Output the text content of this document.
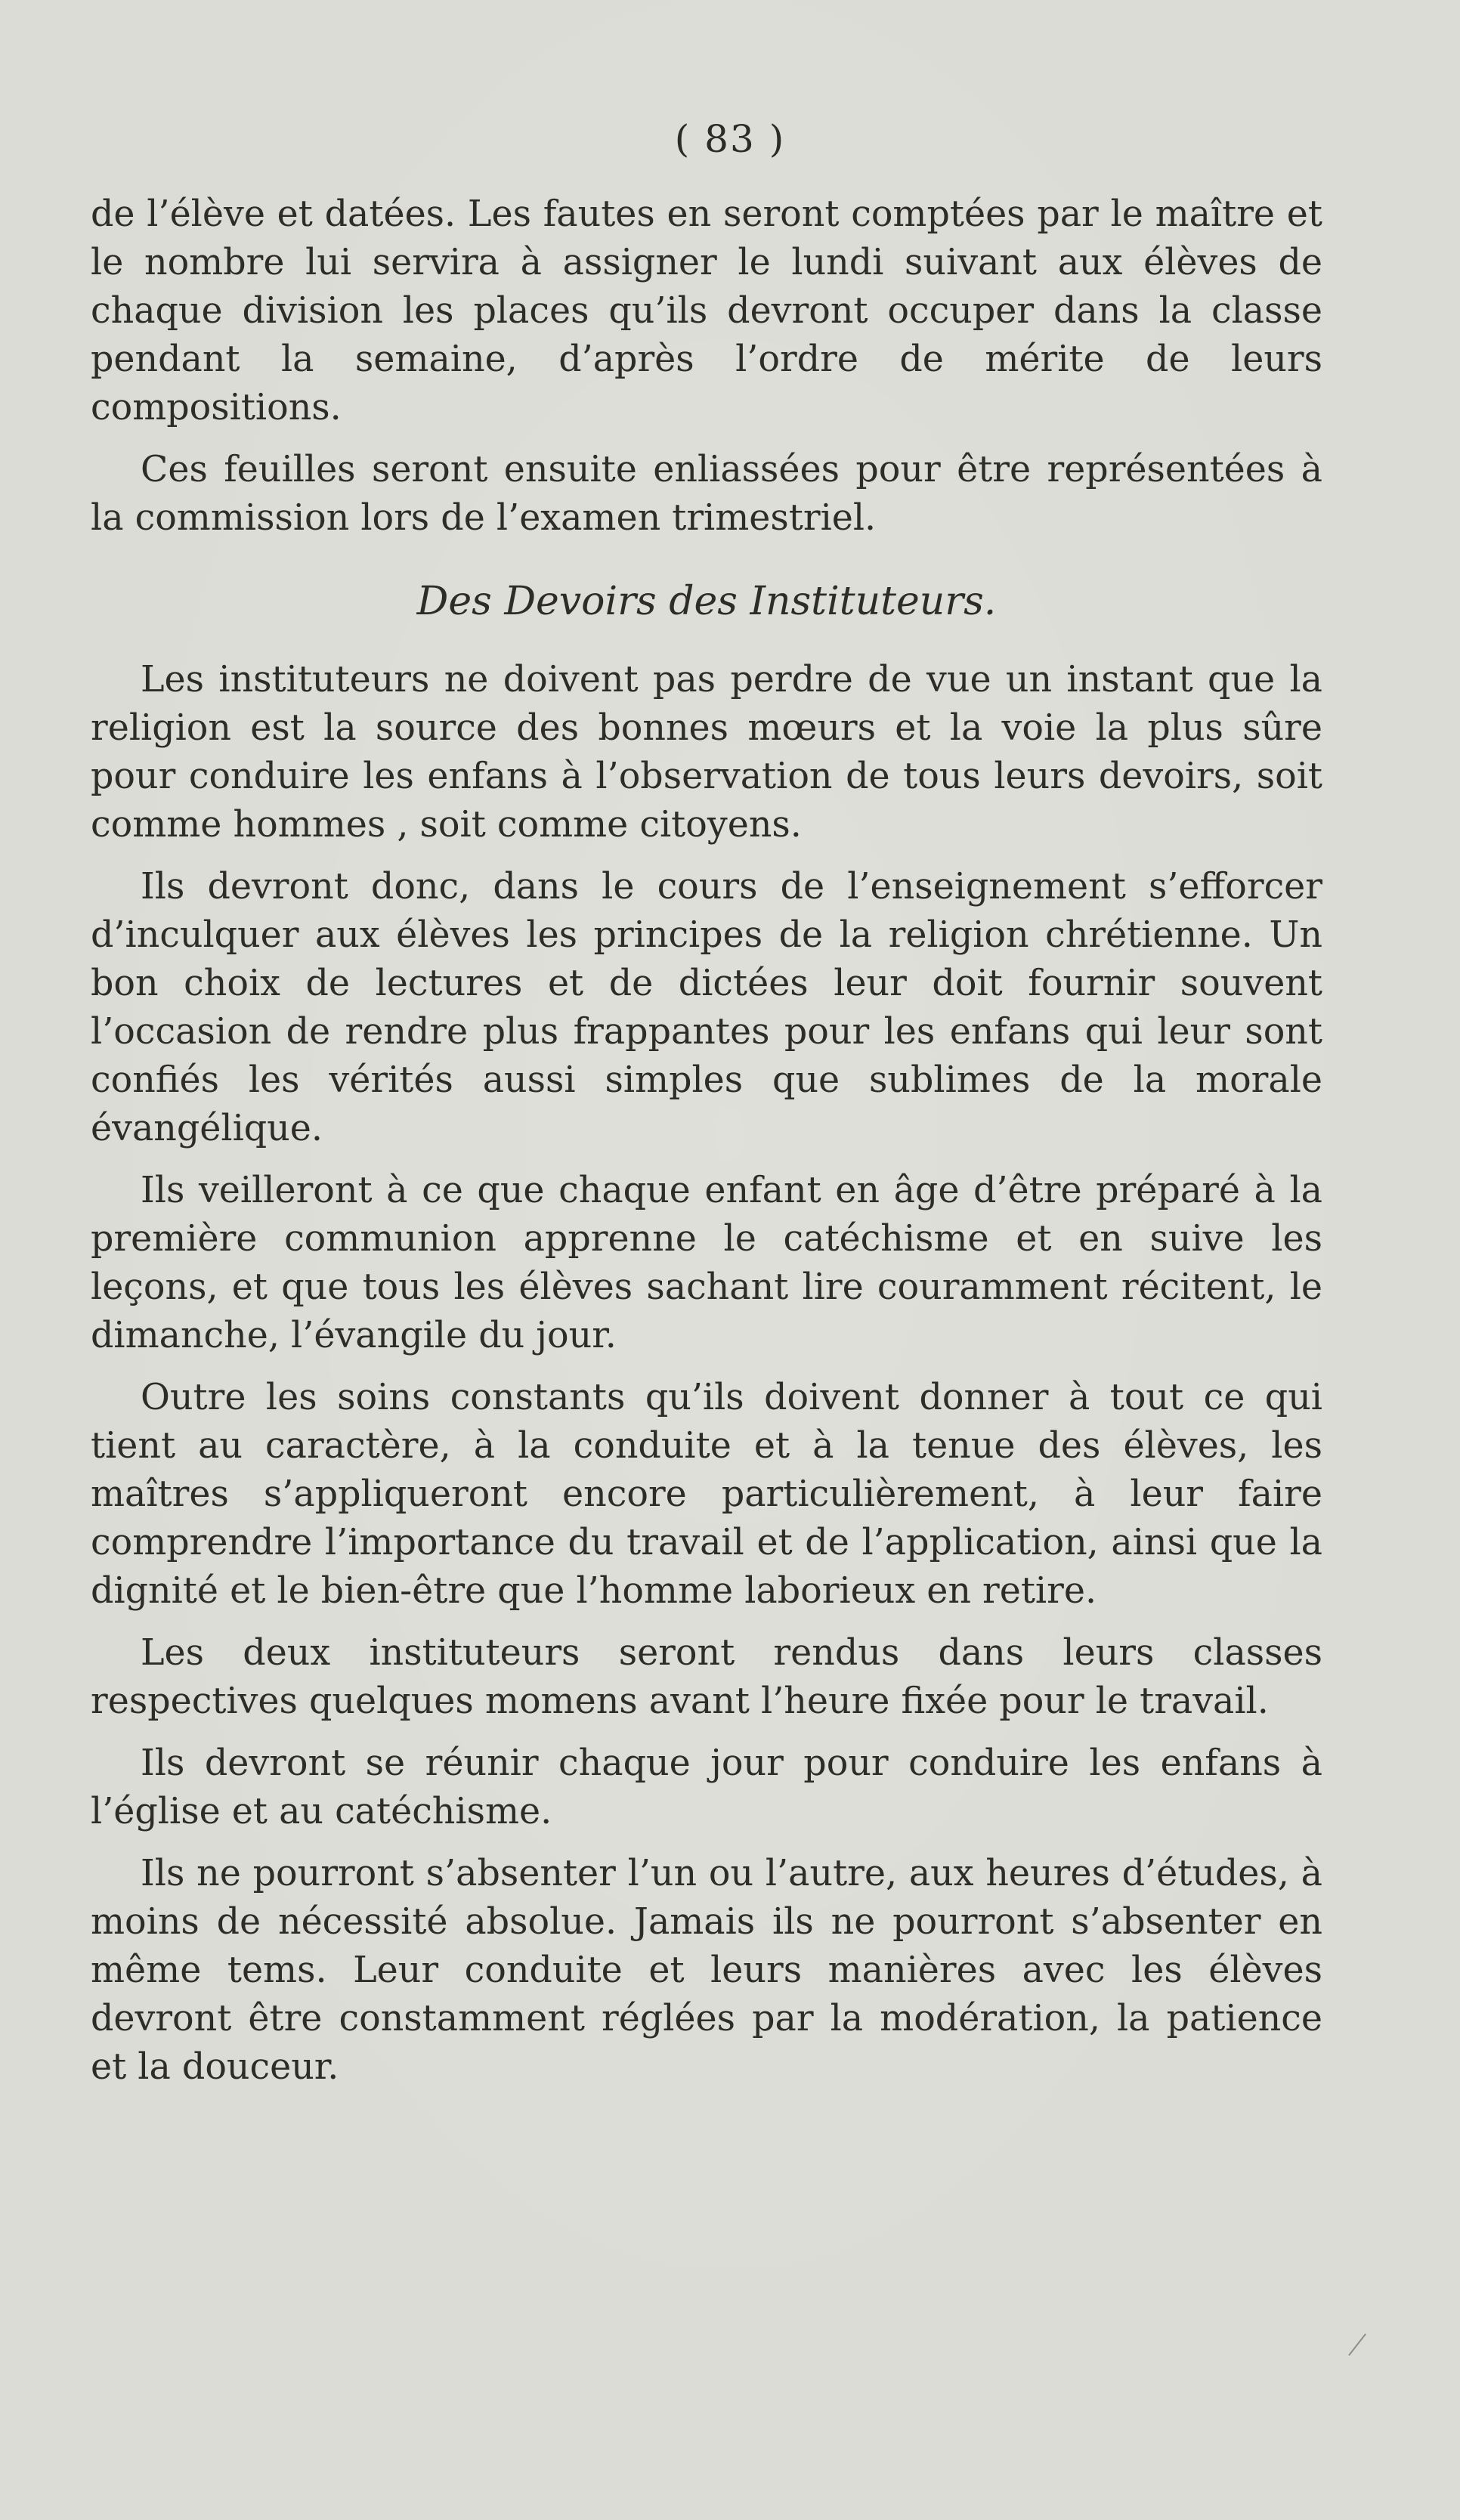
( 83 )

de l’élève et datées. Les fautes en seront comptées par le maître et le nombre lui servira à assigner le lundi suivant aux élèves de chaque division les places qu’ils devront occuper dans la classe pendant la semaine, d’après l’ordre de mérite de leurs compositions.

Ces feuilles seront ensuite enliassées pour être représentées à la commission lors de l’examen trimestriel.

Des Devoirs des Instituteurs.

Les instituteurs ne doivent pas perdre de vue un instant que la religion est la source des bonnes mœurs et la voie la plus sûre pour conduire les enfans à l’observation de tous leurs devoirs, soit comme hommes , soit comme citoyens.

Ils devront donc, dans le cours de l’enseignement s’efforcer d’inculquer aux élèves les principes de la religion chrétienne. Un bon choix de lectures et de dictées leur doit fournir souvent l’occasion de rendre plus frappantes pour les enfans qui leur sont confiés les vérités aussi simples que sublimes de la morale évangélique.

Ils veilleront à ce que chaque enfant en âge d’être préparé à la première communion apprenne le catéchisme et en suive les leçons, et que tous les élèves sachant lire couramment récitent, le dimanche, l’évangile du jour.

Outre les soins constants qu’ils doivent donner à tout ce qui tient au caractère, à la conduite et à la tenue des élèves, les maîtres s’appliqueront encore particulièrement, à leur faire comprendre l’importance du travail et de l’application, ainsi que la dignité et le bien-être que l’homme laborieux en retire.

Les deux instituteurs seront rendus dans leurs classes respectives quelques momens avant l’heure fixée pour le travail.

Ils devront se réunir chaque jour pour conduire les enfans à l’église et au catéchisme.

Ils ne pourront s’absenter l’un ou l’autre, aux heures d’études, à moins de nécessité absolue. Jamais ils ne pourront s’absenter en même tems. Leur conduite et leurs manières avec les élèves devront être constamment réglées par la modération, la patience et la douceur.
